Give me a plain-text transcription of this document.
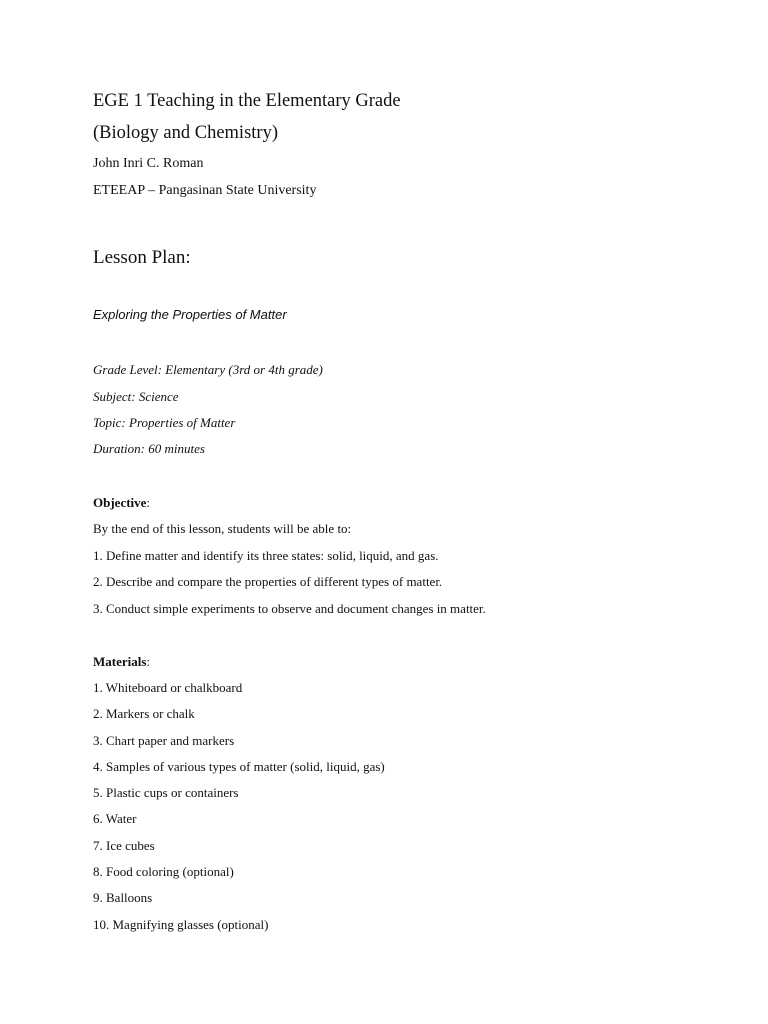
EGE 1 Teaching in the Elementary Grade
(Biology and Chemistry)
John Inri C. Roman
ETEEAP – Pangasinan State University
Lesson Plan:
Exploring the Properties of Matter
Grade Level: Elementary (3rd or 4th grade)
Subject: Science
Topic: Properties of Matter
Duration: 60 minutes
Objective:
By the end of this lesson, students will be able to:
1. Define matter and identify its three states: solid, liquid, and gas.
2. Describe and compare the properties of different types of matter.
3. Conduct simple experiments to observe and document changes in matter.
Materials:
1. Whiteboard or chalkboard
2. Markers or chalk
3. Chart paper and markers
4. Samples of various types of matter (solid, liquid, gas)
5. Plastic cups or containers
6. Water
7. Ice cubes
8. Food coloring (optional)
9. Balloons
10. Magnifying glasses (optional)
